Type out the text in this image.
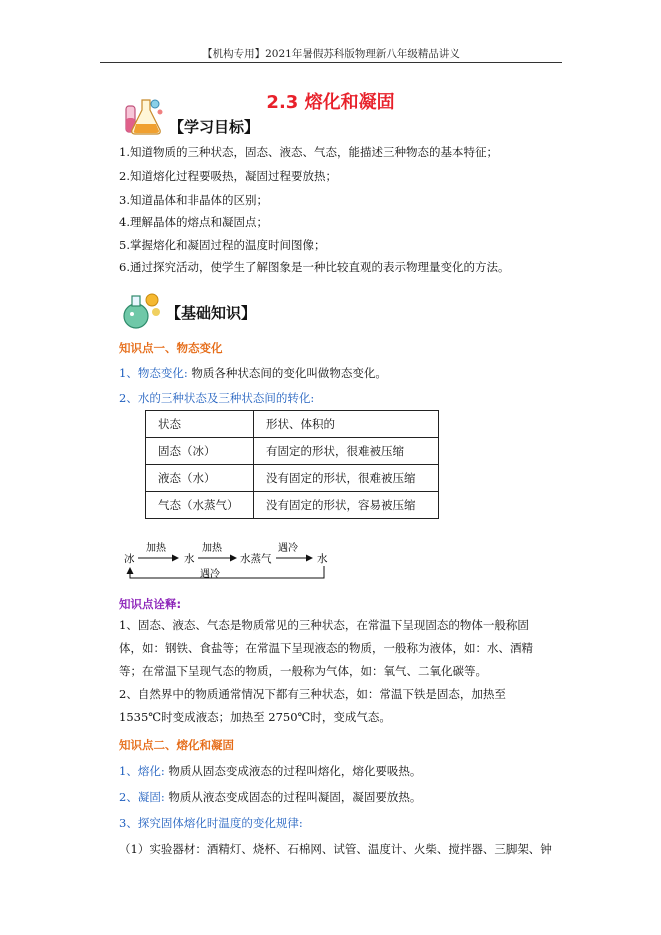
【机构专用】2021年暑假苏科版物理新八年级精品讲义
2.3 熔化和凝固
【学习目标】
1.知道物质的三种状态，固态、液态、气态，能描述三种物态的基本特征；
2.知道熔化过程要吸热，凝固过程要放热；
3.知道晶体和非晶体的区别；
4.理解晶体的熔点和凝固点；
5.掌握熔化和凝固过程的温度时间图像；
6.通过探究活动，使学生了解图象是一种比较直观的表示物理量变化的方法。
【基础知识】
知识点一、物态变化
1、物态变化: 物质各种状态间的变化叫做物态变化。
2、水的三种状态及三种状态间的转化:
状态	形状、体积的
固态（冰）	有固定的形状，很难被压缩
液态（水）	没有固定的形状，很难被压缩
气态（水蒸气）	没有固定的形状，容易被压缩
冰
加热
水
加热
水蒸气
遇冷
水
遇冷
知识点诠释:
1、固态、液态、气态是物质常见的三种状态，在常温下呈现固态的物体一般称固体，如：钢铁、食盐等；在常温下呈现液态的物质，一般称为液体，如：水、酒精等；在常温下呈现气态的物质，一般称为气体，如：氧气、二氧化碳等。
2、自然界中的物质通常情况下都有三种状态，如：常温下铁是固态，加热至 1535℃时变成液态；加热至 2750℃时，变成气态。
知识点二、熔化和凝固
1、熔化: 物质从固态变成液态的过程叫熔化，熔化要吸热。
2、凝固: 物质从液态变成固态的过程叫凝固，凝固要放热。
3、探究固体熔化时温度的变化规律:
（1）实验器材：酒精灯、烧杯、石棉网、试管、温度计、火柴、搅拌器、三脚架、钟
